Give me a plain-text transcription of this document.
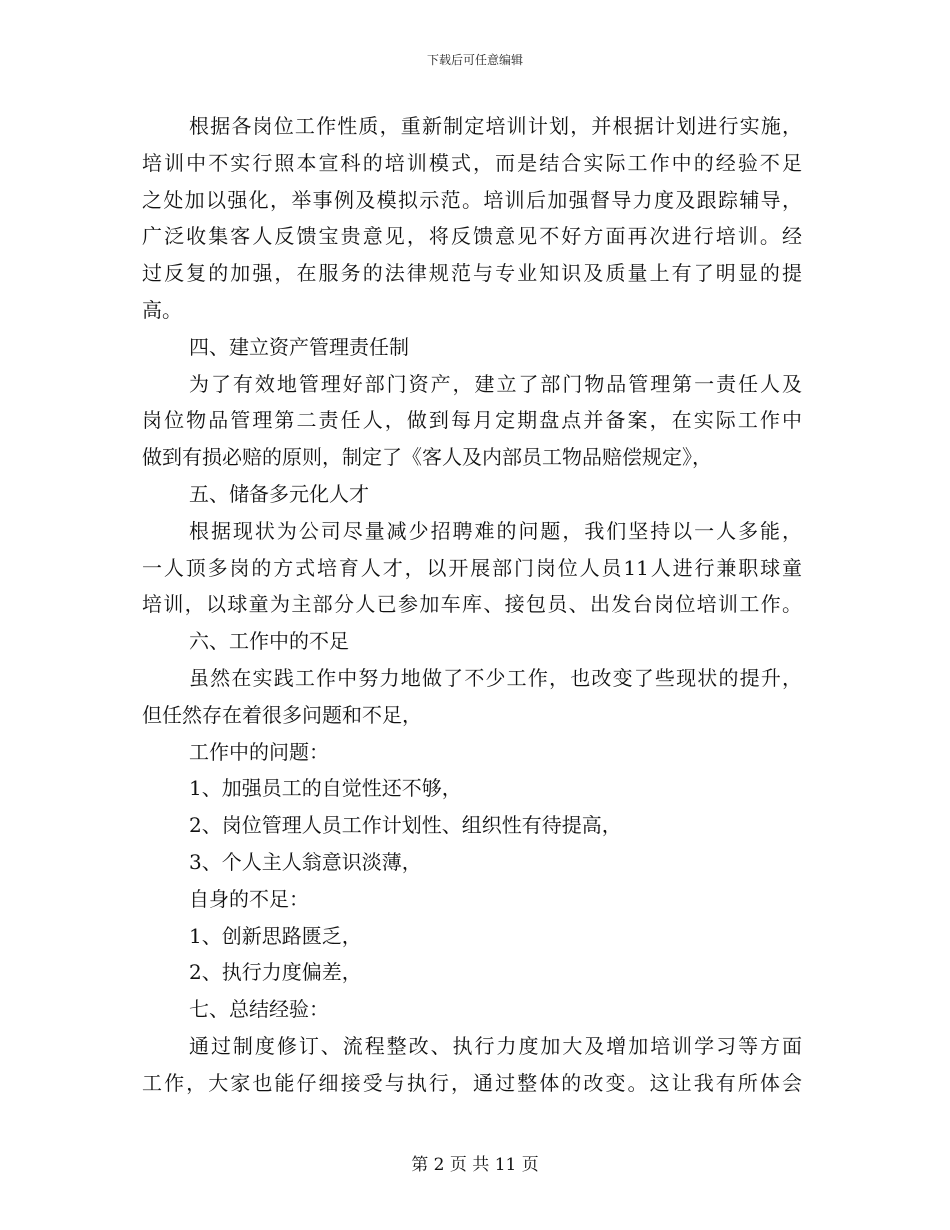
下载后可任意编辑
根据各岗位工作性质，重新制定培训计划，并根据计划进行实施，
培训中不实行照本宣科的培训模式，而是结合实际工作中的经验不足
之处加以强化，举事例及模拟示范。培训后加强督导力度及跟踪辅导，
广泛收集客人反馈宝贵意见，将反馈意见不好方面再次进行培训。经
过反复的加强，在服务的法律规范与专业知识及质量上有了明显的提
高。
四、建立资产管理责任制
为了有效地管理好部门资产，建立了部门物品管理第一责任人及
岗位物品管理第二责任人，做到每月定期盘点并备案，在实际工作中
做到有损必赔的原则，制定了《客人及内部员工物品赔偿规定》，
五、储备多元化人才
根据现状为公司尽量减少招聘难的问题，我们坚持以一人多能，
一人顶多岗的方式培育人才，以开展部门岗位人员11人进行兼职球童
培训，以球童为主部分人已参加车库、接包员、出发台岗位培训工作。
六、工作中的不足
虽然在实践工作中努力地做了不少工作，也改变了些现状的提升，
但任然存在着很多问题和不足，
工作中的问题：
1、加强员工的自觉性还不够，
2、岗位管理人员工作计划性、组织性有待提高，
3、个人主人翁意识淡薄，
自身的不足：
1、创新思路匮乏，
2、执行力度偏差，
七、总结经验：
通过制度修订、流程整改、执行力度加大及增加培训学习等方面
工作，大家也能仔细接受与执行，通过整体的改变。这让我有所体会
第 2 页 共 11 页
